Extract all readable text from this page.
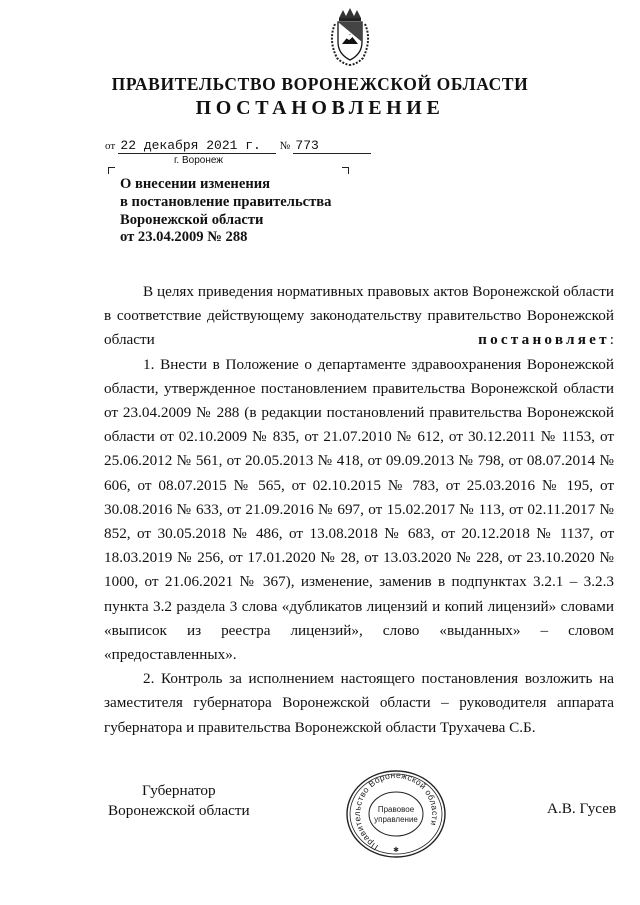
ПРАВИТЕЛЬСТВО ВОРОНЕЖСКОЙ ОБЛАСТИ
ПОСТАНОВЛЕНИЕ
от 22 декабря 2021 г. № 773
г. Воронеж
О внесении изменения
в постановление правительства
Воронежской области
от 23.04.2009 № 288

В целях приведения нормативных правовых актов Воронежской области в соответствие действующему законодательству правительство Воронежской области	постановляет:

1. Внести в Положение о департаменте здравоохранения Воронежской области, утвержденное постановлением правительства Воронежской области от 23.04.2009 № 288 (в редакции постановлений правительства Воронежской области от 02.10.2009 № 835, от 21.07.2010 № 612, от 30.12.2011 № 1153, от 25.06.2012 № 561, от 20.05.2013 № 418, от 09.09.2013 № 798, от 08.07.2014 № 606, от 08.07.2015 № 565, от 02.10.2015 № 783, от 25.03.2016 № 195, от 30.08.2016 № 633, от 21.09.2016 № 697, от 15.02.2017 № 113, от 02.11.2017 № 852, от 30.05.2018 № 486, от 13.08.2018 № 683, от 20.12.2018 № 1137, от 18.03.2019 № 256, от 17.01.2020 № 28, от 13.03.2020 № 228, от 23.10.2020 № 1000, от 21.06.2021 № 367), изменение, заменив в подпунктах 3.2.1 – 3.2.3 пункта 3.2 раздела 3 слова «дубликатов лицензий и копий лицензий» словами «выписок из реестра лицензий», слово «выданных» – словом «предоставленных».

2. Контроль за исполнением настоящего постановления возложить на заместителя губернатора Воронежской области – руководителя аппарата губернатора и правительства Воронежской области Трухачева С.Б.

Губернатор
Воронежской области
Правительство Воронежской области
Правовое
управление
✱
А.В. Гусев
